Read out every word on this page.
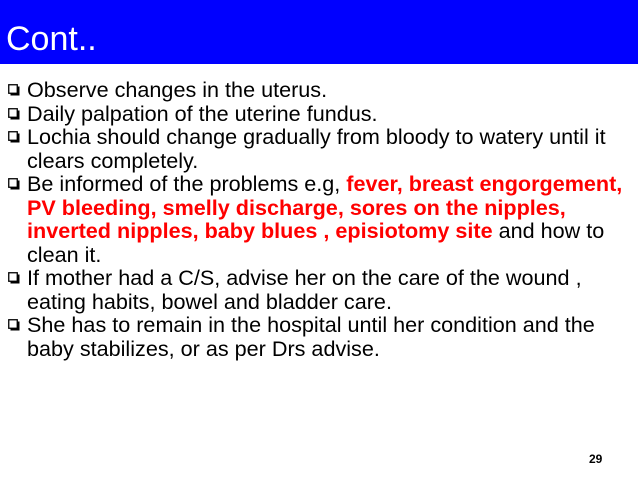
Cont..
Observe changes in the uterus.
Daily palpation of the uterine fundus.
Lochia should change gradually from bloody to watery until it clears completely.
Be informed of the problems e.g, fever, breast engorgement, PV bleeding, smelly discharge, sores on the nipples, inverted nipples, baby blues , episiotomy site and how to clean it.
If mother had a C/S, advise her on the care of the wound , eating habits, bowel and bladder care.
She has to remain in the hospital until her condition and the baby stabilizes, or as per Drs advise.
29
